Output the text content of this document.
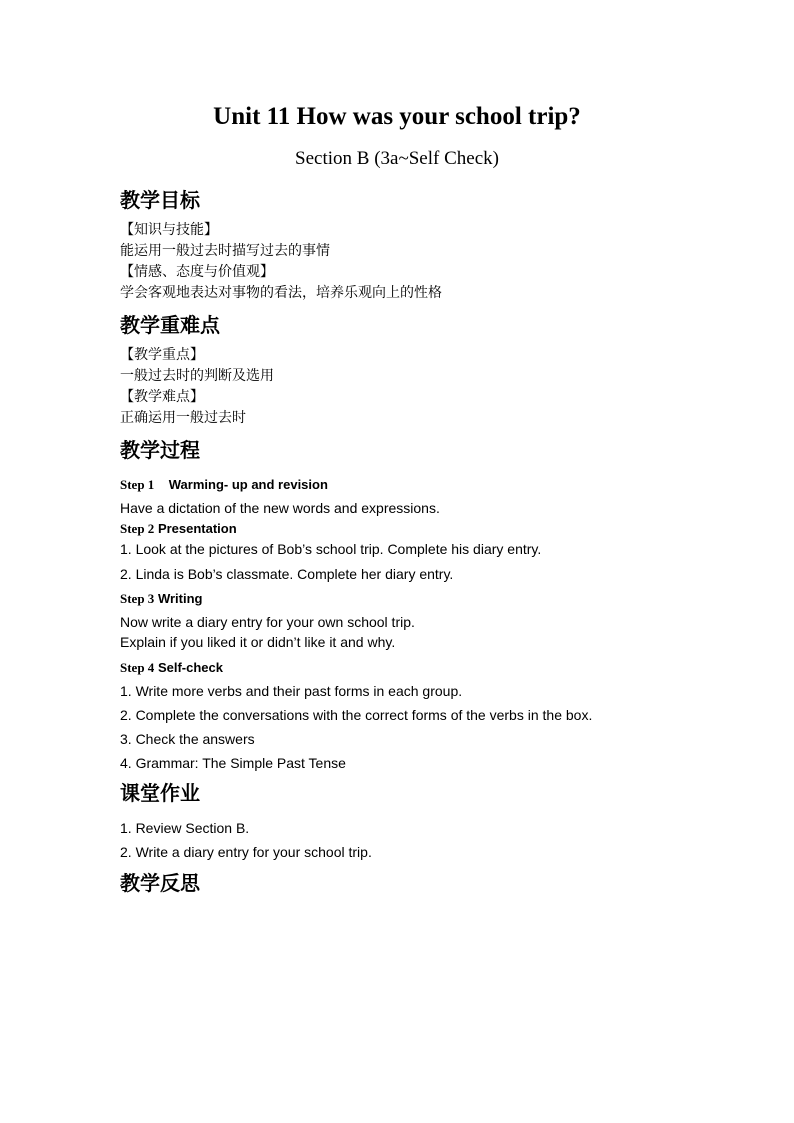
Unit 11 How was your school trip?

Section B (3a~Self Check)

教学目标

【知识与技能】

能运用一般过去时描写过去的事情

【情感、态度与价值观】

学会客观地表达对事物的看法，培养乐观向上的性格

教学重难点

【教学重点】

一般过去时的判断及选用

【教学难点】

正确运用一般过去时

教学过程

Step 1 Warming- up and revision

Have a dictation of the new words and expressions.

Step 2 Presentation

1. Look at the pictures of Bob’s school trip. Complete his diary entry.

2. Linda is Bob’s classmate. Complete her diary entry.

Step 3 Writing

Now write a diary entry for your own school trip.

Explain if you liked it or didn’t like it and why.

Step 4 Self-check

1. Write more verbs and their past forms in each group.

2. Complete the conversations with the correct forms of the verbs in the box.

3. Check the answers

4. Grammar: The Simple Past Tense

课堂作业

1. Review Section B.

2. Write a diary entry for your school trip.

教学反思
